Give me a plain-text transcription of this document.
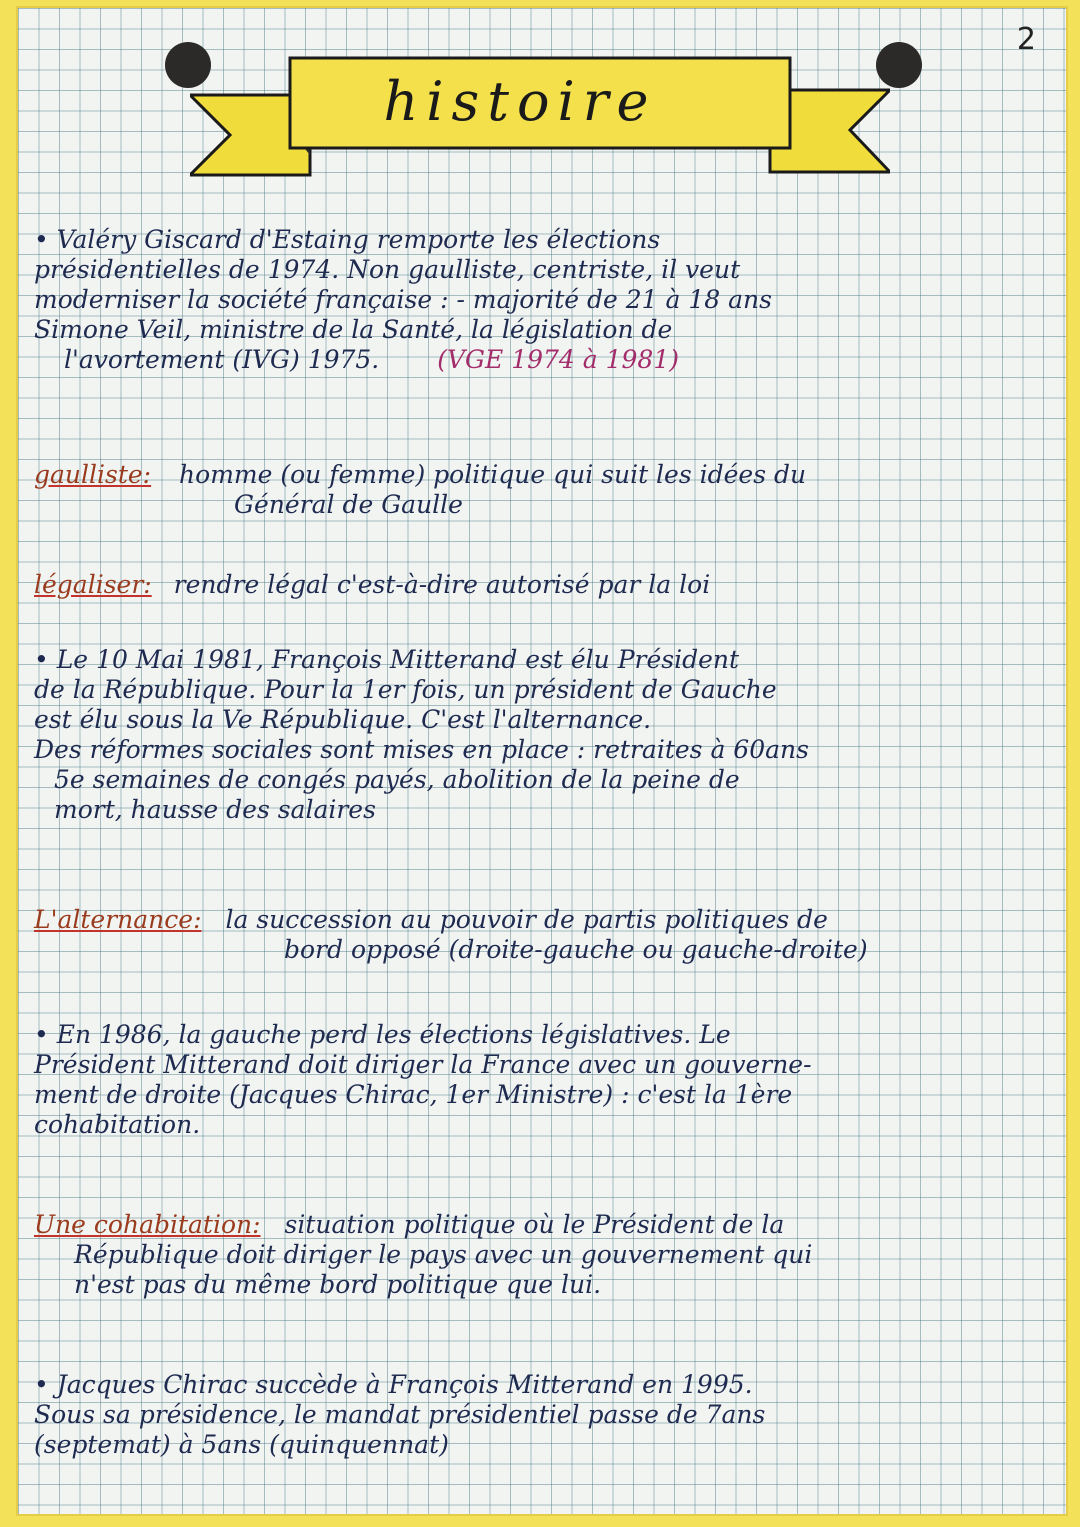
2
histoire
• Valéry Giscard d'Estaing remporte les élections
présidentielles de 1974. Non gaulliste, centriste, il veut
moderniser la société française : - majorité de 21 à 18 ans
Simone Veil, ministre de la Santé, la législation de
l'avortement (IVG) 1975. (VGE 1974 à 1981)
gaulliste: homme (ou femme) politique qui suit les idées du
Général de Gaulle
légaliser: rendre légal c'est-à-dire autorisé par la loi
• Le 10 Mai 1981, François Mitterand est élu Président
de la République. Pour la 1er fois, un président de Gauche
est élu sous la Ve République. C'est l'alternance.
Des réformes sociales sont mises en place : retraites à 60ans
5e semaines de congés payés, abolition de la peine de
mort, hausse des salaires
L'alternance: la succession au pouvoir de partis politiques de
bord opposé (droite-gauche ou gauche-droite)
• En 1986, la gauche perd les élections législatives. Le
Président Mitterand doit diriger la France avec un gouverne-
ment de droite (Jacques Chirac, 1er Ministre) : c'est la 1ère
cohabitation.
Une cohabitation: situation politique où le Président de la
République doit diriger le pays avec un gouvernement qui
n'est pas du même bord politique que lui.
• Jacques Chirac succède à François Mitterand en 1995.
Sous sa présidence, le mandat présidentiel passe de 7ans
(septemat) à 5ans (quinquennat)
